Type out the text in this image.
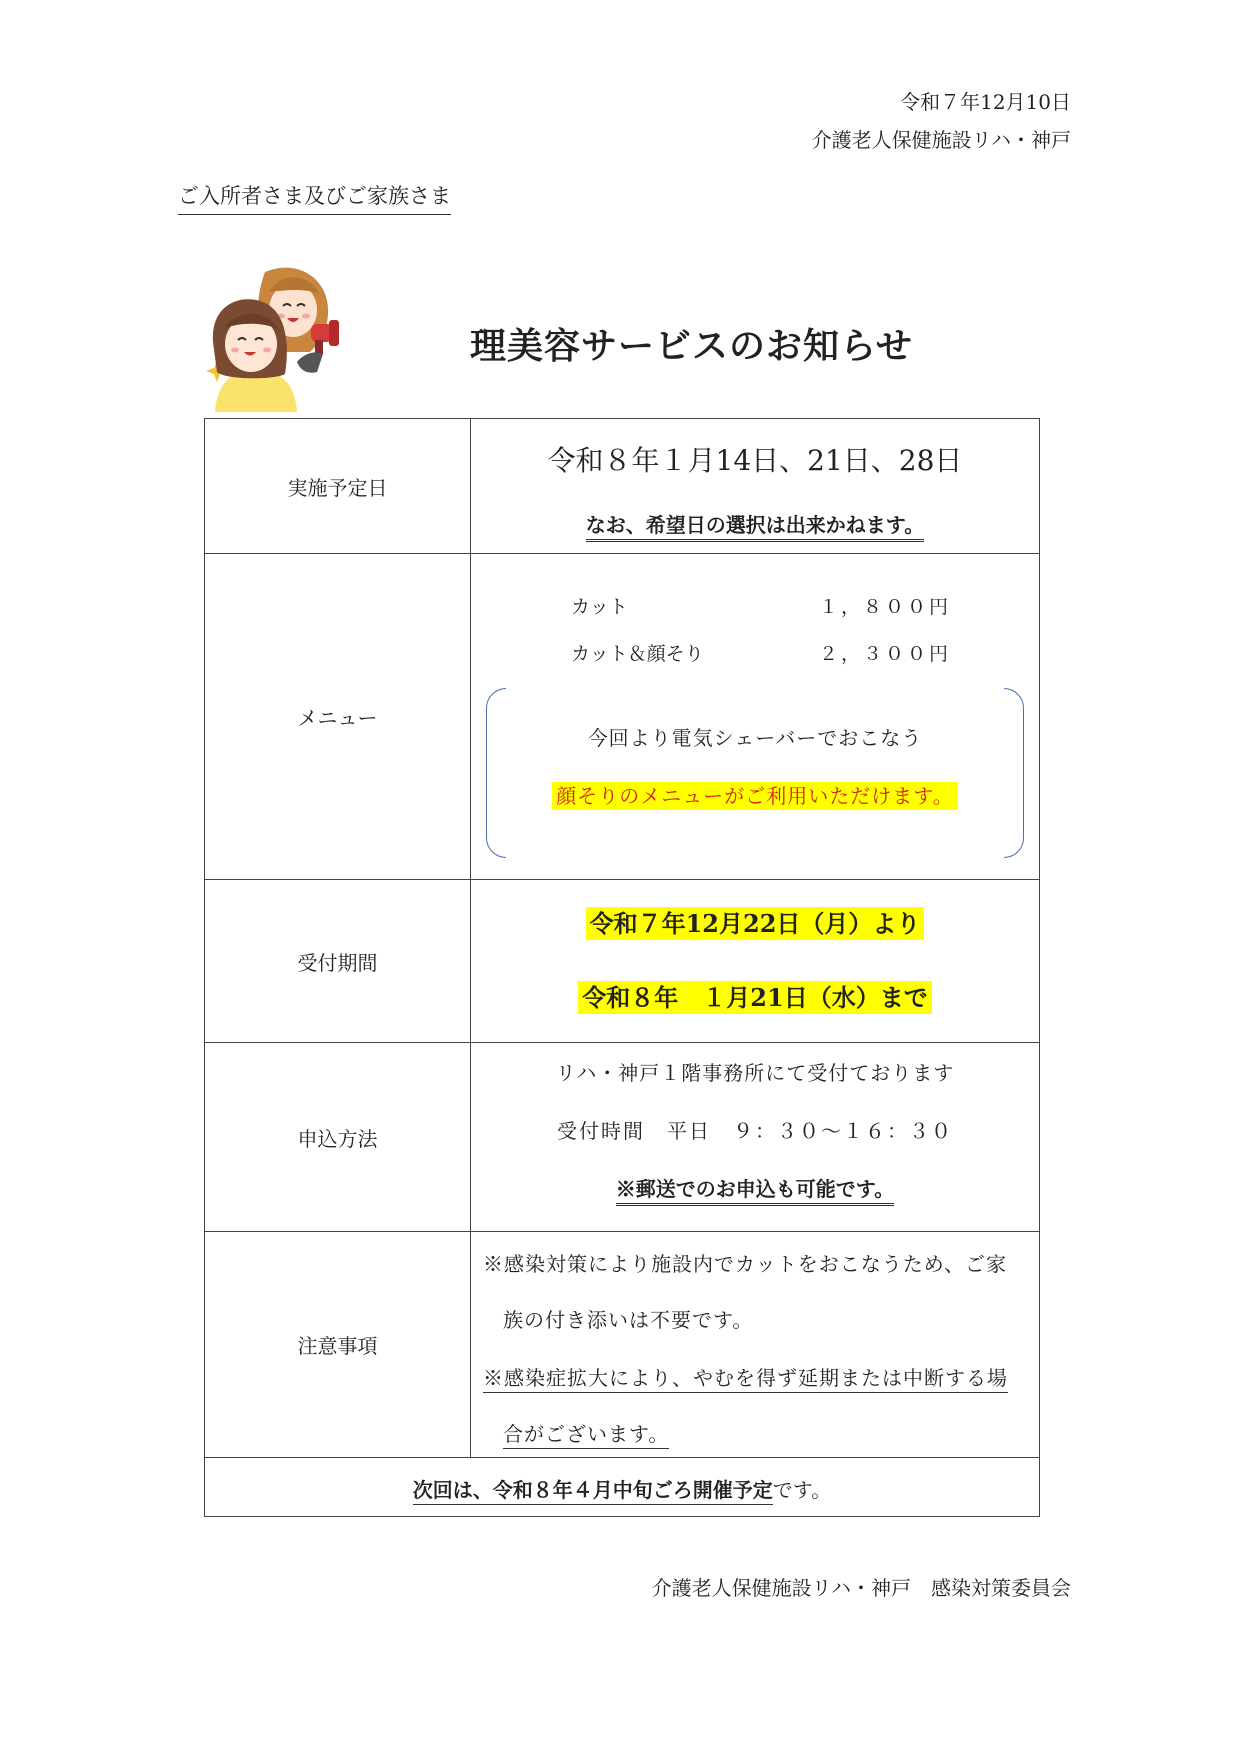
令和７年12月10日
介護老人保健施設リハ・神戸
ご入所者さま及びご家族さま
理美容サービスのお知らせ
実施予定日
令和８年１月14日、21日、28日
なお、希望日の選択は出来かねます。
メニュー
カット	１，８００円
カット＆顔そり	２，３００円
今回より電気シェーバーでおこなう
顔そりのメニューがご利用いただけます。
受付期間
令和７年12月22日（月）より
令和８年　１月21日（水）まで
申込方法
リハ・神戸１階事務所にて受付ております
受付時間　平日　９：３０～１６：３０
※郵送でのお申込も可能です。
注意事項
※感染対策により施設内でカットをおこなうため、ご家
族の付き添いは不要です。
※感染症拡大により、やむを得ず延期または中断する場
合がございます。
次回は、令和８年４月中旬ごろ開催予定です。
介護老人保健施設リハ・神戸　感染対策委員会
